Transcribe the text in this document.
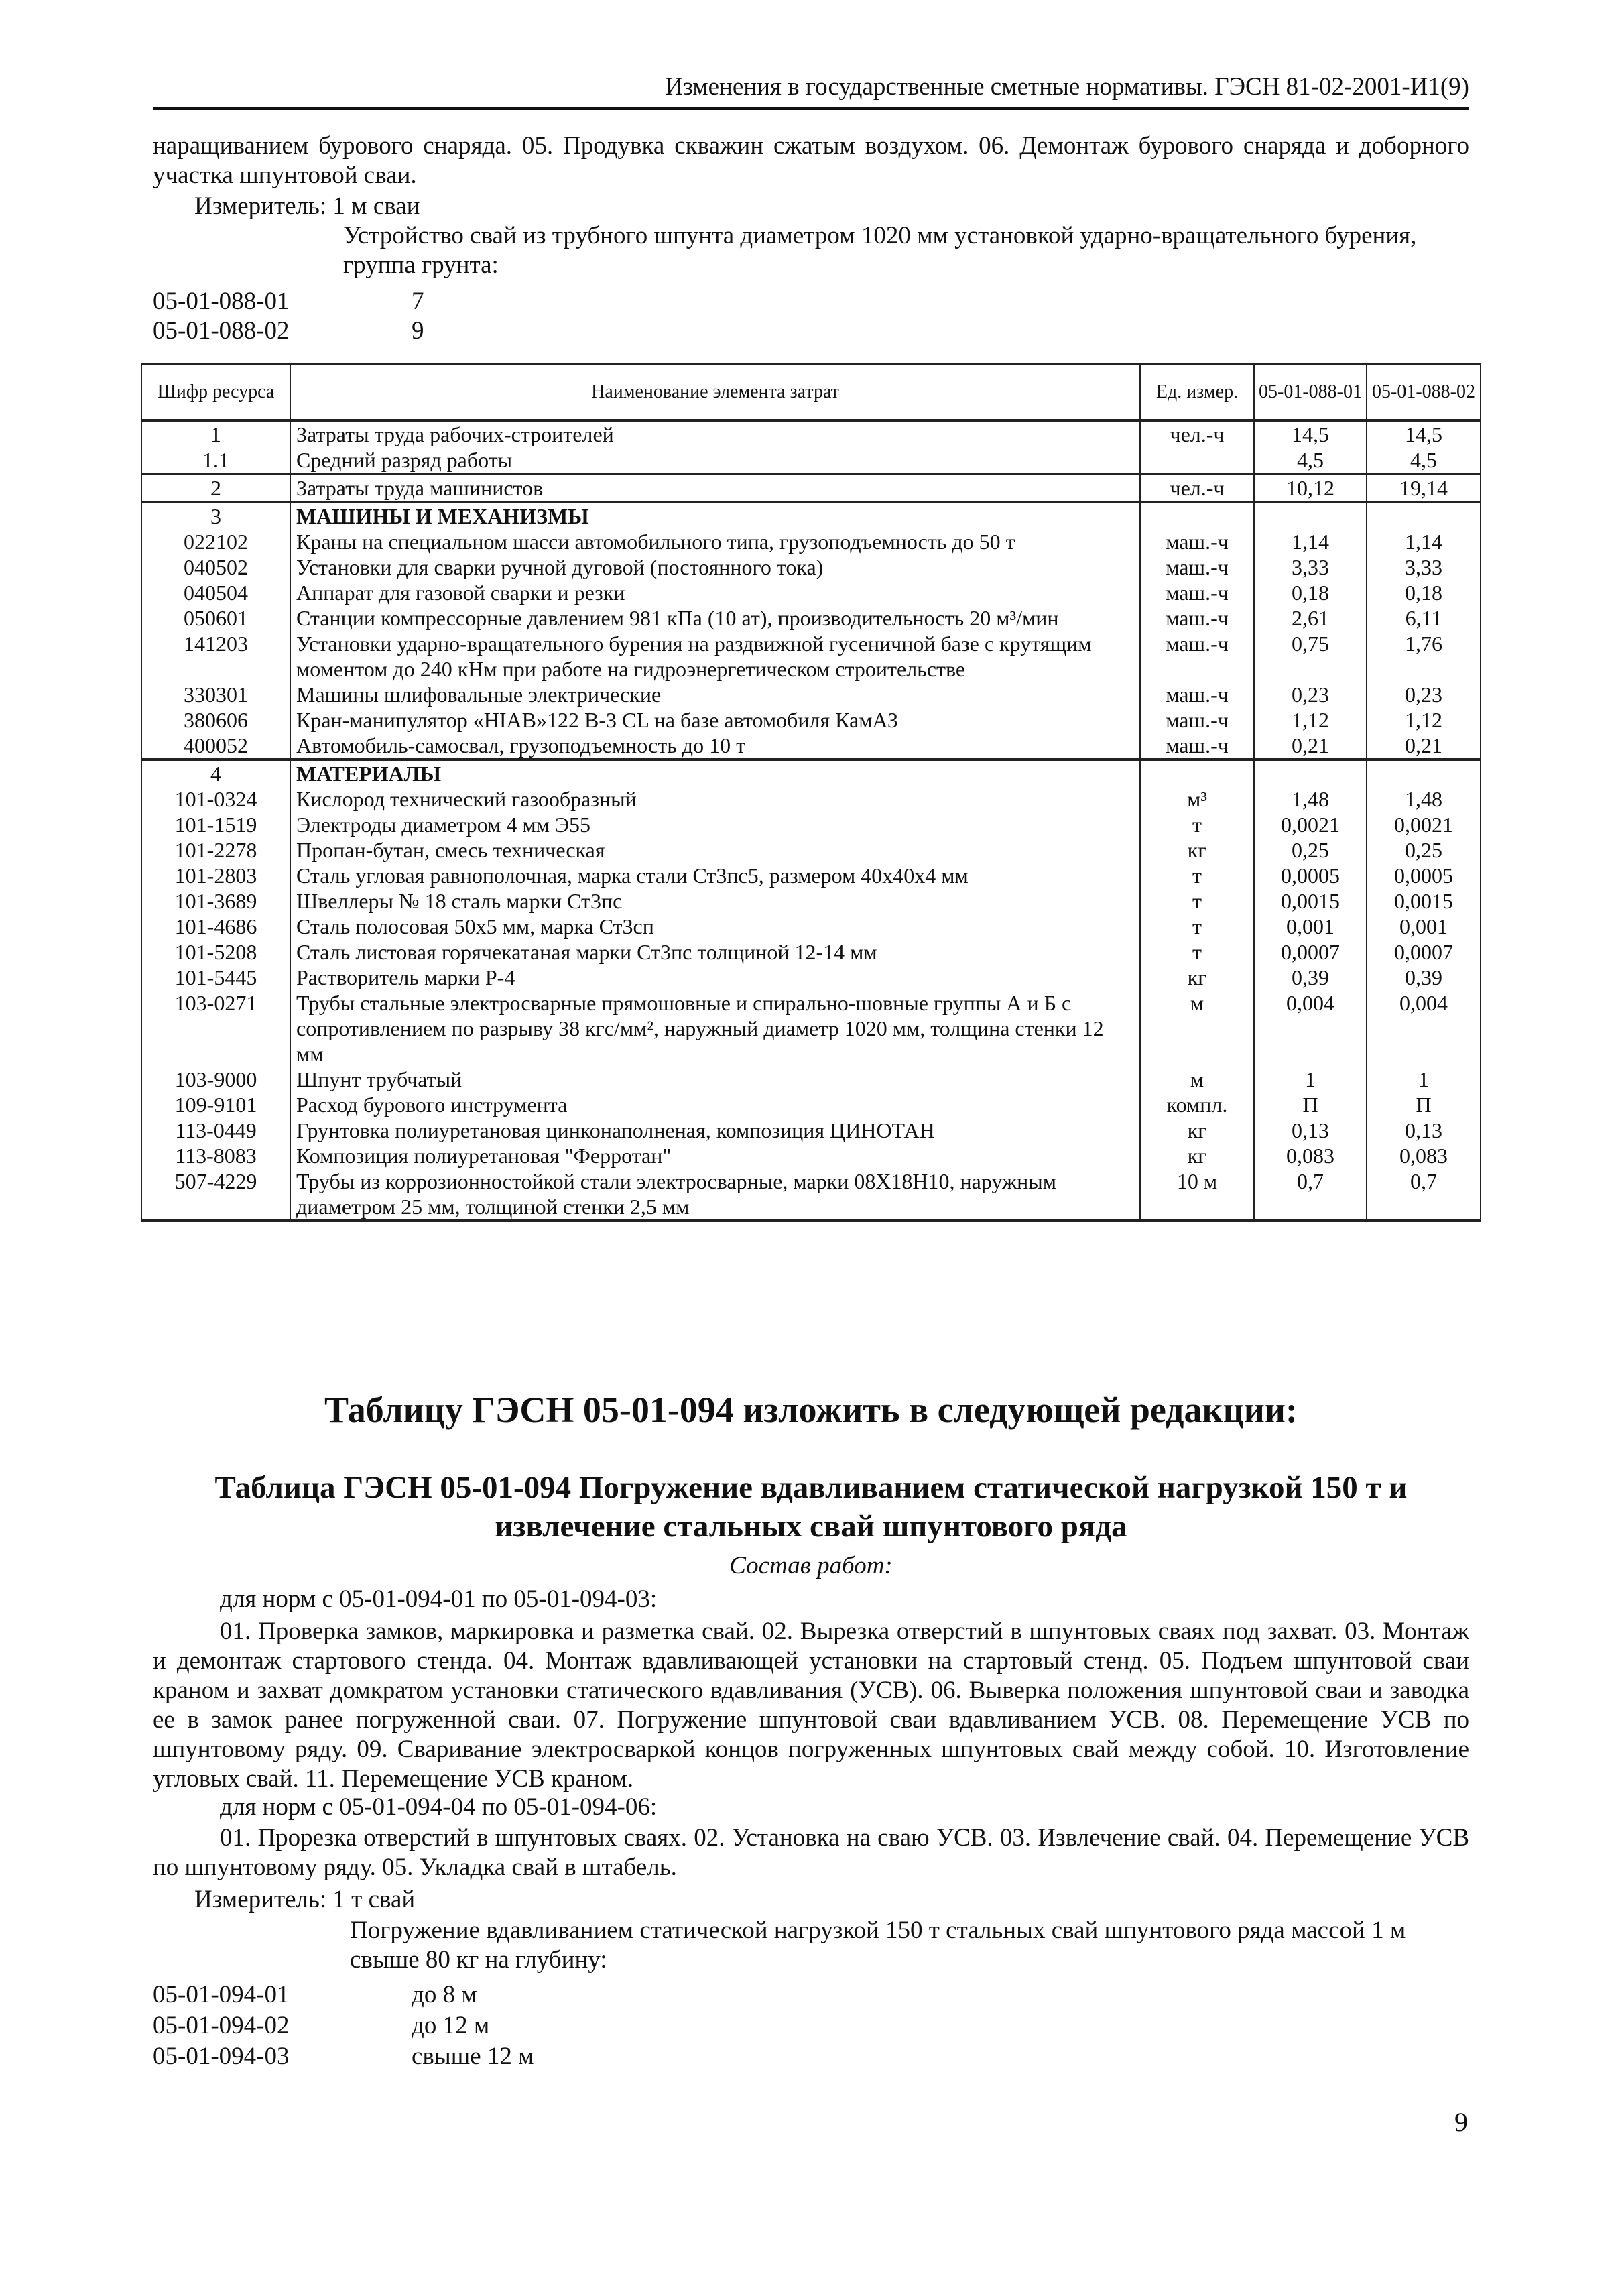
Изменения в государственные сметные нормативы. ГЭСН 81-02-2001-И1(9)
наращиванием бурового снаряда. 05. Продувка скважин сжатым воздухом. 06. Демонтаж бурового снаряда и доборного участка шпунтовой сваи.
Измеритель: 1 м сваи
Устройство свай из трубного шпунта диаметром 1020 мм установкой ударно-вращательного бурения, группа грунта:
05-01-088-01	7
05-01-088-02	9
Шифр ресурса	Наименование элемента затрат	Ед. измер.	05-01-088-01	05-01-088-02
1	Затраты труда рабочих-строителей	чел.-ч	14,5	14,5
1.1	Средний разряд работы		4,5	4,5
2	Затраты труда машинистов	чел.-ч	10,12	19,14
3	МАШИНЫ И МЕХАНИЗМЫ			
022102	Краны на специальном шасси автомобильного типа, грузоподъемность до 50 т	маш.-ч	1,14	1,14
040502	Установки для сварки ручной дуговой (постоянного тока)	маш.-ч	3,33	3,33
040504	Аппарат для газовой сварки и резки	маш.-ч	0,18	0,18
050601	Станции компрессорные давлением 981 кПа (10 ат), производительность 20 м³/мин	маш.-ч	2,61	6,11
141203	Установки ударно-вращательного бурения на раздвижной гусеничной базе с крутящим моментом до 240 кНм при работе на гидроэнергетическом строительстве	маш.-ч	0,75	1,76
330301	Машины шлифовальные электрические	маш.-ч	0,23	0,23
380606	Кран-манипулятор «HIAB»122 B-3 CL на базе автомобиля КамАЗ	маш.-ч	1,12	1,12
400052	Автомобиль-самосвал, грузоподъемность до 10 т	маш.-ч	0,21	0,21
4	МАТЕРИАЛЫ			
101-0324	Кислород технический газообразный	м³	1,48	1,48
101-1519	Электроды диаметром 4 мм Э55	т	0,0021	0,0021
101-2278	Пропан-бутан, смесь техническая	кг	0,25	0,25
101-2803	Сталь угловая равнополочная, марка стали Ст3пс5, размером 40х40х4 мм	т	0,0005	0,0005
101-3689	Швеллеры № 18 сталь марки Ст3пс	т	0,0015	0,0015
101-4686	Сталь полосовая 50х5 мм, марка Ст3сп	т	0,001	0,001
101-5208	Сталь листовая горячекатаная марки Ст3пс толщиной 12-14 мм	т	0,0007	0,0007
101-5445	Растворитель марки Р-4	кг	0,39	0,39
103-0271	Трубы стальные электросварные прямошовные и спирально-шовные группы А и Б с сопротивлением по разрыву 38 кгс/мм², наружный диаметр 1020 мм, толщина стенки 12 мм	м	0,004	0,004
103-9000	Шпунт трубчатый	м	1	1
109-9101	Расход бурового инструмента	компл.	П	П
113-0449	Грунтовка полиуретановая цинконаполненая, композиция ЦИНОТАН	кг	0,13	0,13
113-8083	Композиция полиуретановая "Ферротан"	кг	0,083	0,083
507-4229	Трубы из коррозионностойкой стали электросварные, марки 08Х18Н10, наружным диаметром 25 мм, толщиной стенки 2,5 мм	10 м	0,7	0,7
Таблицу ГЭСН 05-01-094 изложить в следующей редакции:
Таблица ГЭСН 05-01-094 Погружение вдавливанием статической нагрузкой 150 т и
извлечение стальных свай шпунтового ряда
Состав работ:
для норм с 05-01-094-01 по 05-01-094-03:
01. Проверка замков, маркировка и разметка свай. 02. Вырезка отверстий в шпунтовых сваях под захват. 03. Монтаж и демонтаж стартового стенда. 04. Монтаж вдавливающей установки на стартовый стенд. 05. Подъем шпунтовой сваи краном и захват домкратом установки статического вдавливания (УСВ). 06. Выверка положения шпунтовой сваи и заводка ее в замок ранее погруженной сваи. 07. Погружение шпунтовой сваи вдавливанием УСВ. 08. Перемещение УСВ по шпунтовому ряду. 09. Сваривание электросваркой концов погруженных шпунтовых свай между собой. 10. Изготовление угловых свай. 11. Перемещение УСВ краном.
для норм с 05-01-094-04 по 05-01-094-06:
01. Прорезка отверстий в шпунтовых сваях. 02. Установка на сваю УСВ. 03. Извлечение свай. 04. Перемещение УСВ по шпунтовому ряду. 05. Укладка свай в штабель.
Измеритель: 1 т свай
Погружение вдавливанием статической нагрузкой 150 т стальных свай шпунтового ряда массой 1 м свыше 80 кг на глубину:
05-01-094-01	до 8 м
05-01-094-02	до 12 м
05-01-094-03	свыше 12 м
9
